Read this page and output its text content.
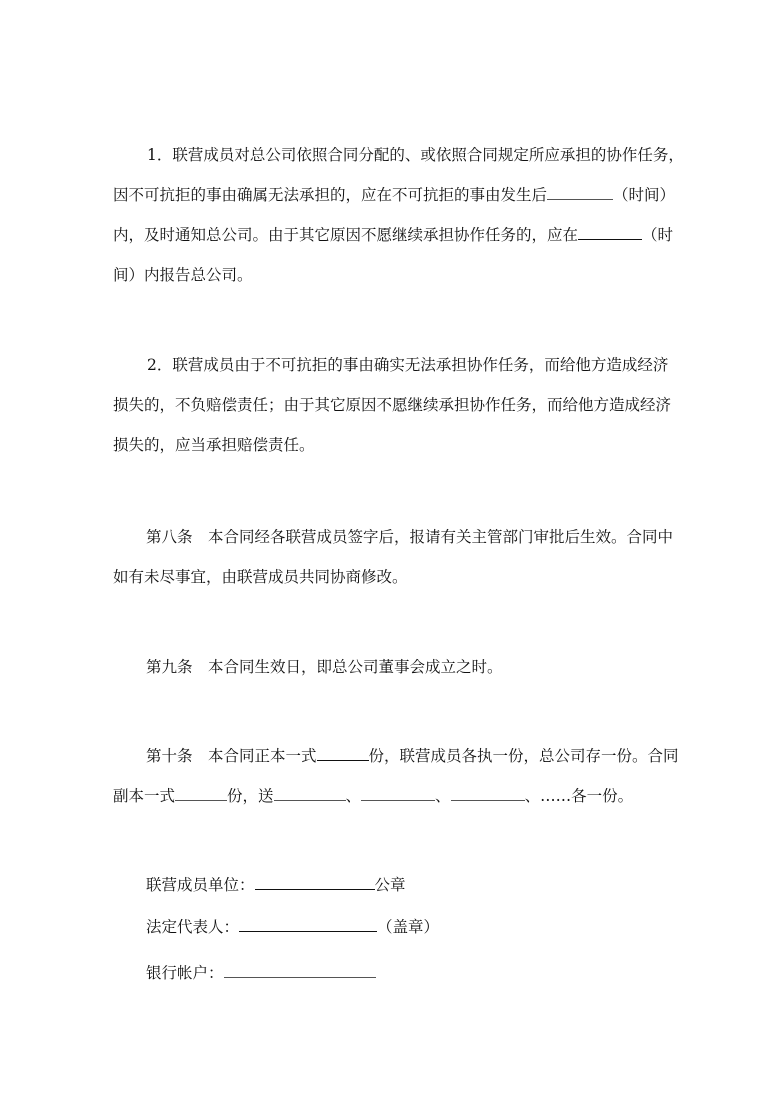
1．联营成员对总公司依照合同分配的、或依照合同规定所应承担的协作任务，
因不可抗拒的事由确属无法承担的，应在不可抗拒的事由发生后	（时间）
内，及时通知总公司。由于其它原因不愿继续承担协作任务的，应在	（时
间）内报告总公司。
2．联营成员由于不可抗拒的事由确实无法承担协作任务，而给他方造成经济
损失的，不负赔偿责任；由于其它原因不愿继续承担协作任务，而给他方造成经济
损失的，应当承担赔偿责任。
第八条　本合同经各联营成员签字后，报请有关主管部门审批后生效。合同中
如有未尽事宜，由联营成员共同协商修改。
第九条　本合同生效日，即总公司董事会成立之时。
第十条　本合同正本一式	份，联营成员各执一份，总公司存一份。合同
副本一式	份，送	、	、	、……各一份。
联营成员单位：	公章
法定代表人：	（盖章）
银行帐户：
